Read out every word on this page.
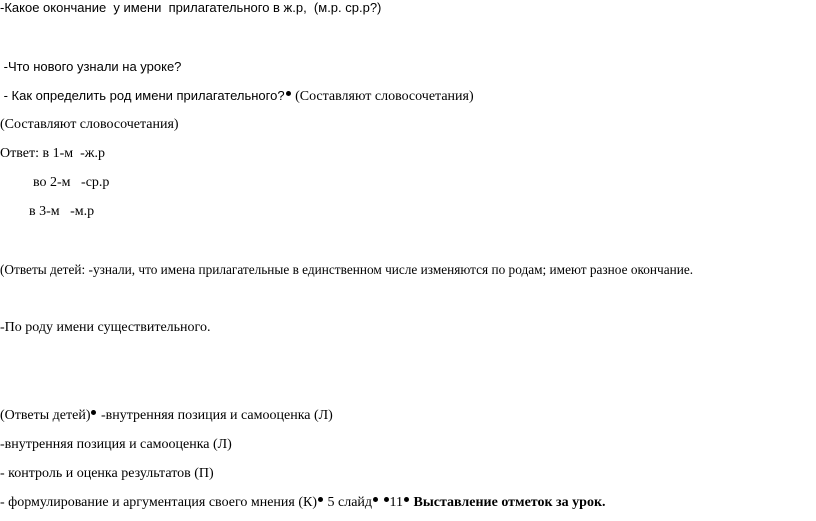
-Какое окончание  у имени  прилагательного в ж.р,  (м.р. ср.р?)
-Что нового узнали на уроке?
- Как определить род имени прилагательного? (Составляют словосочетания)
(Составляют словосочетания)
Ответ: в 1-м  -ж.р
во 2-м   -ср.р
в 3-м   -м.р
(Ответы детей: -узнали, что имена прилагательные в единственном числе изменяются по родам; имеют разное окончание.
-По роду имени существительного.
(Ответы детей) -внутренняя позиция и самооценка (Л)
-внутренняя позиция и самооценка (Л)
- контроль и оценка результатов (П)
- формулирование и аргументация своего мнения (К) 5 слайд 11 Выставление отметок за урок.
